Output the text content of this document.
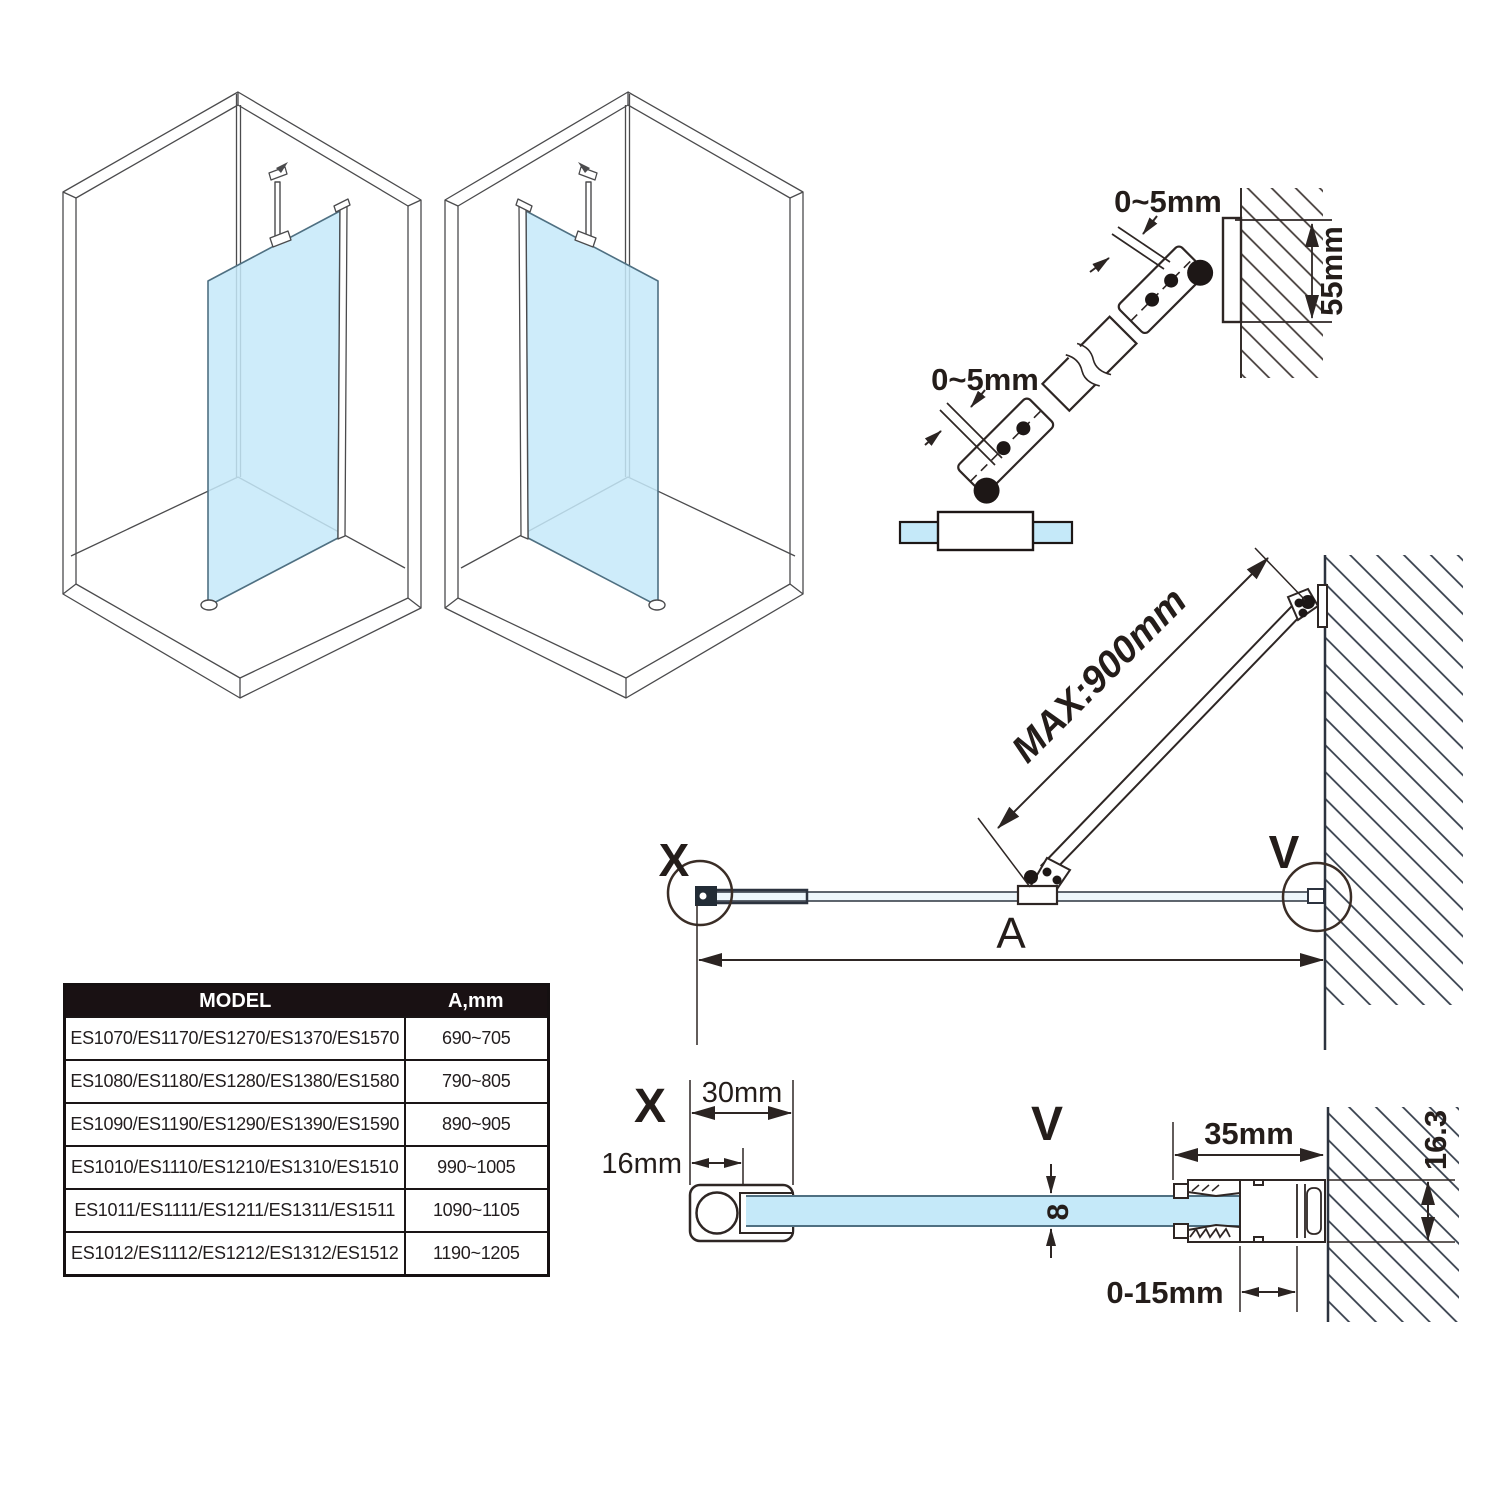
55mm
0~5mm
0~5mm
MAX:900mm
X	V
A
X 30mm
16mm
V
8
35mm	16.3
0-15mm
MODEL	A,mm
ES1070/ES1170/ES1270/ES1370/ES1570	690~705
ES1080/ES1180/ES1280/ES1380/ES1580	790~805
ES1090/ES1190/ES1290/ES1390/ES1590	890~905
ES1010/ES1110/ES1210/ES1310/ES1510	990~1005
ES1011/ES1111/ES1211/ES1311/ES1511	1090~1105
ES1012/ES1112/ES1212/ES1312/ES1512	1190~1205
